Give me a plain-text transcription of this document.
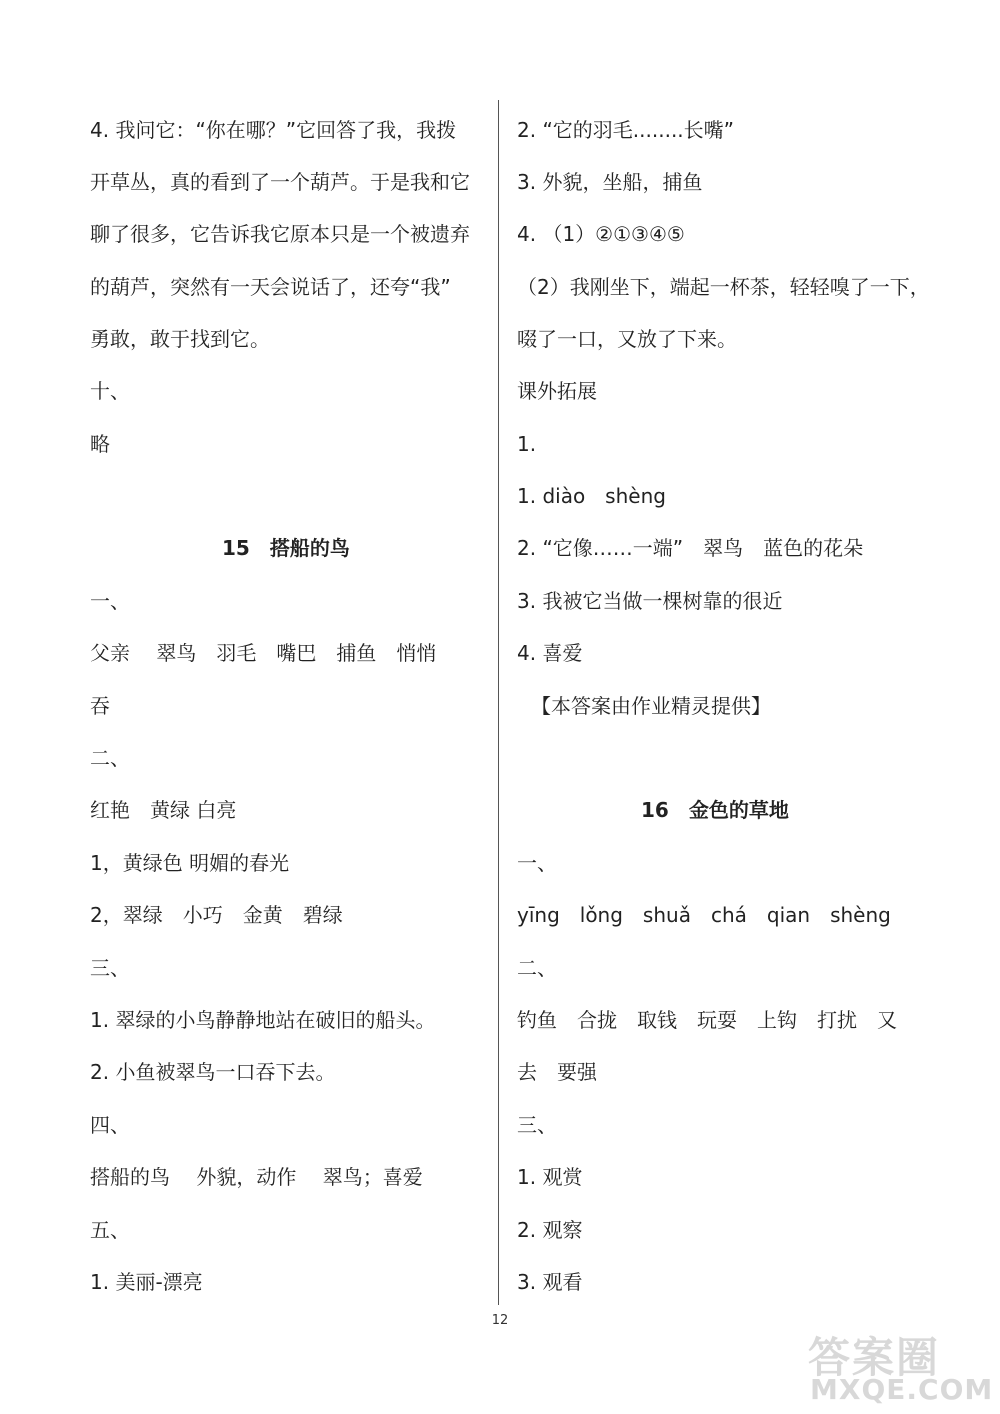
4. 我问它：“你在哪？”它回答了我，我拨
开草丛，真的看到了一个葫芦。于是我和它
聊了很多，它告诉我它原本只是一个被遗弃
的葫芦，突然有一天会说话了，还夸“我”
勇敢，敢于找到它。
十、
略
15　搭船的鸟
一、
父亲　 翠鸟　羽毛　嘴巴　捕鱼　悄悄
吞
二、
红艳　黄绿 白亮
1，黄绿色 明媚的春光
2，翠绿　小巧　金黄　碧绿
三、
1. 翠绿的小鸟静静地站在破旧的船头。
2. 小鱼被翠鸟一口吞下去。
四、
搭船的鸟　 外貌，动作　 翠鸟；喜爱
五、
1. 美丽-漂亮
2. “它的羽毛........长嘴”
3. 外貌，坐船，捕鱼
4. （1）②①③④⑤
（2）我刚坐下，端起一杯茶，轻轻嗅了一下，
啜了一口，又放了下来。
课外拓展
1.
1. diào　shèng
2. “它像……一端”　翠鸟　蓝色的花朵
3. 我被它当做一棵树靠的很近
4. 喜爱
【本答案由作业精灵提供】
16　金色的草地
一、
yīng　lǒng　shuǎ　chá　qian　shèng
二、
钓鱼　合拢　取钱　玩耍　上钩　打扰　又
去　要强
三、
1. 观赏
2. 观察
3. 观看
12
答案圈
MXQE.COM
